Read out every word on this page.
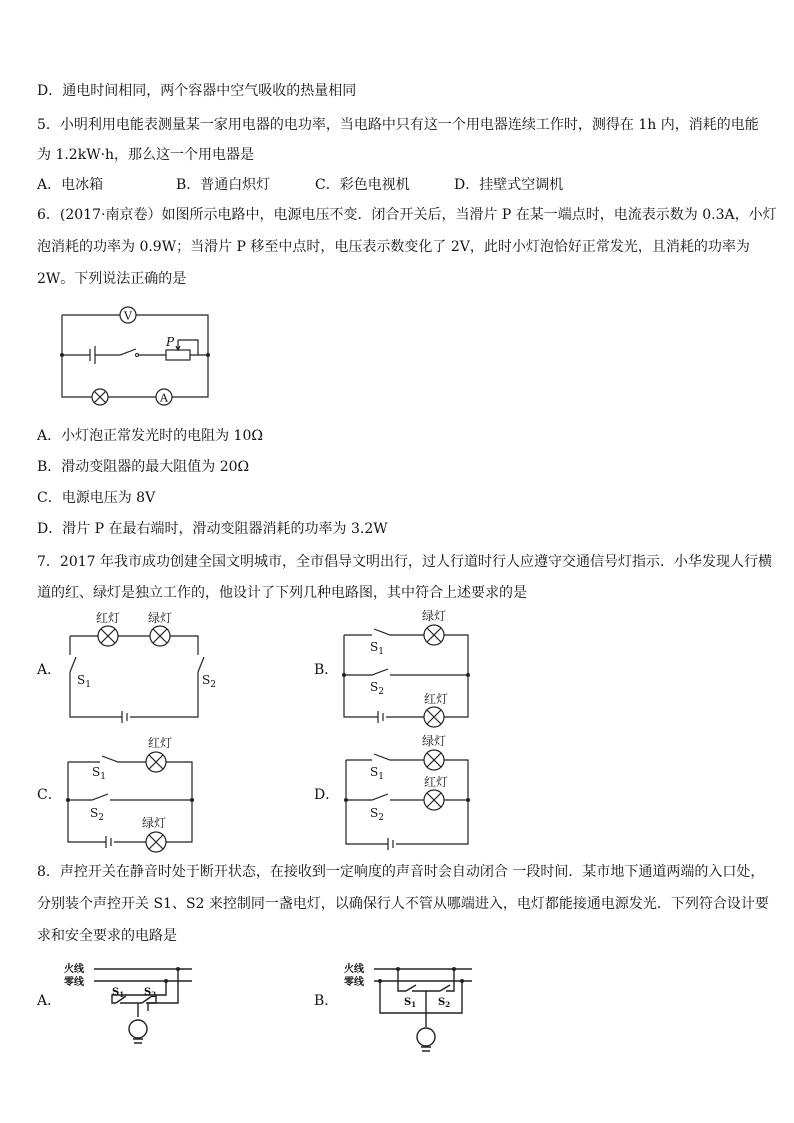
D．通电时间相同，两个容器中空气吸收的热量相同
5．小明利用电能表测量某一家用电器的电功率，当电路中只有这一个用电器连续工作时，测得在 1h 内，消耗的电能
为 1.2kW·h，那么这一个用电器是
A．电冰箱	B．普通白炽灯	C．彩色电视机	D．挂壁式空调机
6．(2017·南京卷）如图所示电路中，电源电压不变．闭合开关后，当滑片 P 在某一端点时，电流表示数为 0.3A，小灯
泡消耗的功率为 0.9W；当滑片 P 移至中点时，电压表示数变化了 2V，此时小灯泡恰好正常发光，且消耗的功率为
2W。下列说法正确的是
V
A
P
A．小灯泡正常发光时的电阻为 10Ω
B．滑动变阻器的最大阻值为 20Ω
C．电源电压为 8V
D．滑片 P 在最右端时，滑动变阻器消耗的功率为 3.2W
7．2017 年我市成功创建全国文明城市，全市倡导文明出行，过人行道时行人应遵守交通信号灯指示．小华发现人行横
道的红、绿灯是独立工作的，他设计了下列几种电路图，其中符合上述要求的是
A．
红灯 绿灯
$S_1$	$S_2$
B．
绿灯
红灯
$S_1$
$S_2$
C．
红灯
绿灯
$S_1$
$S_2$
D．
绿灯
红灯
$S_1$
$S_2$
8．声控开关在静音时处于断开状态，在接收到一定响度的声音时会自动闭合 一段时间．某市地下通道两端的入口处，
分别装个声控开关 S1、S2 来控制同一盏电灯，以确保行人不管从哪端进入，电灯都能接通电源发光．下列符合设计要
求和安全要求的电路是
A．
火线
零线
$S_1$ $S_2$	B．
火线
零线
$S_1$ $S_2$
